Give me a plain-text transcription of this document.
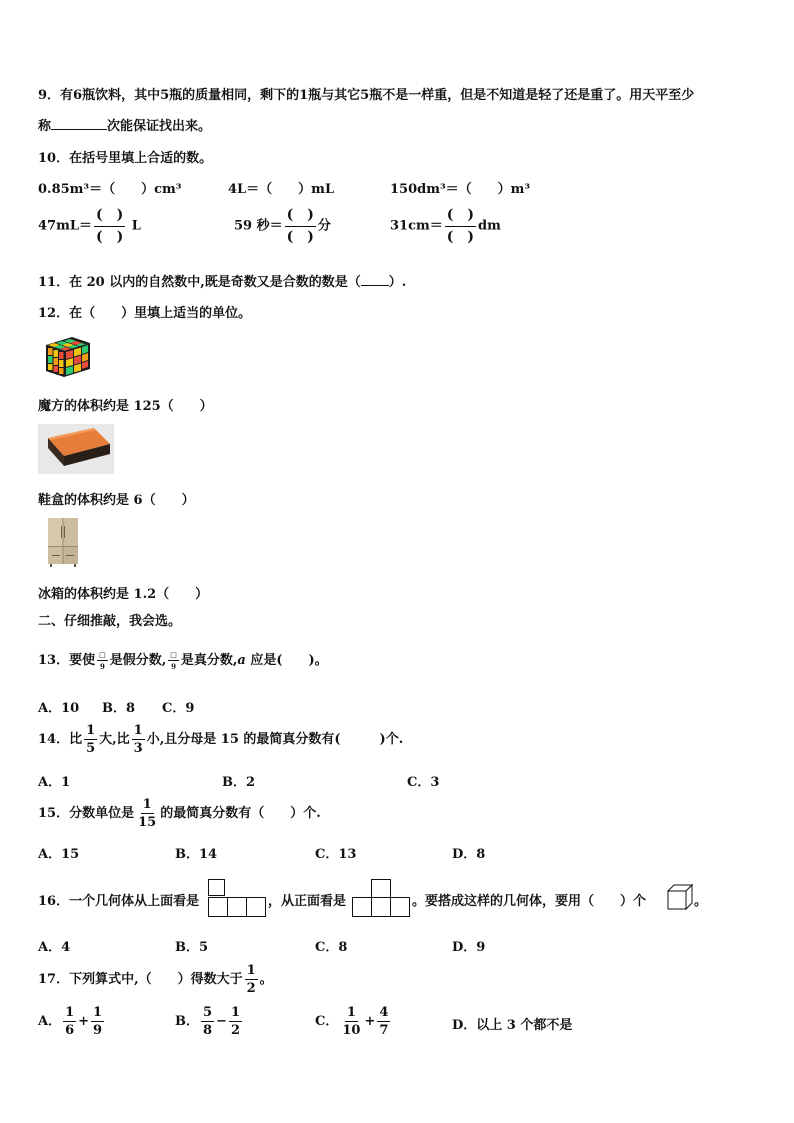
9．有6瓶饮料，其中5瓶的质量相同，剩下的1瓶与其它5瓶不是一样重，但是不知道是轻了还是重了。用天平至少
称	次能保证找出来。
10．在括号里填上合适的数。
0.85m³＝（　　）cm³	4L＝（　　）mL	150dm³＝（　　）m³
$47mL= \frac{( )}{( )}$ L	59 秒＝ $\frac{( )}{( )}$ 分	$31cm= \frac{( )}{( )}$ dm
11．在 20 以内的自然数中,既是奇数又是合数的数是（ ）.
12．在（　　）里填上适当的单位。
魔方的体积约是 125（　　）
鞋盒的体积约是 6（　　）
冰箱的体积约是 1.2（　　）
二、仔细推敲，我会选。
13．要使 $\frac{□}{9}$ 是假分数, $\frac{□}{9}$ 是真分数,a 应是(　　)。
A．10 B．8 C．9
14．比 $\frac{1}{5}$ 大,比 $\frac{1}{3}$ 小,且分母是 15 的最简真分数有(　　　)个.
A．1	B．2	C．3
15．分数单位是 $\frac{1}{15}$ 的最简真分数有（　　）个.
A．15	B．14	C．13	D．8
16．一个几何体从上面看是	，从正面看是	。要搭成这样的几何体，要用（　　）个	。
A．4	B．5	C．8	D．9
17．下列算式中,（　　）得数大于 $\frac{1}{2}$ 。
A． $\frac{1}{6} + \frac{1}{9}$	B． $\frac{5}{8} - \frac{1}{2}$	C． $\frac{1}{10} + \frac{4}{7}$	D．以上 3 个都不是
